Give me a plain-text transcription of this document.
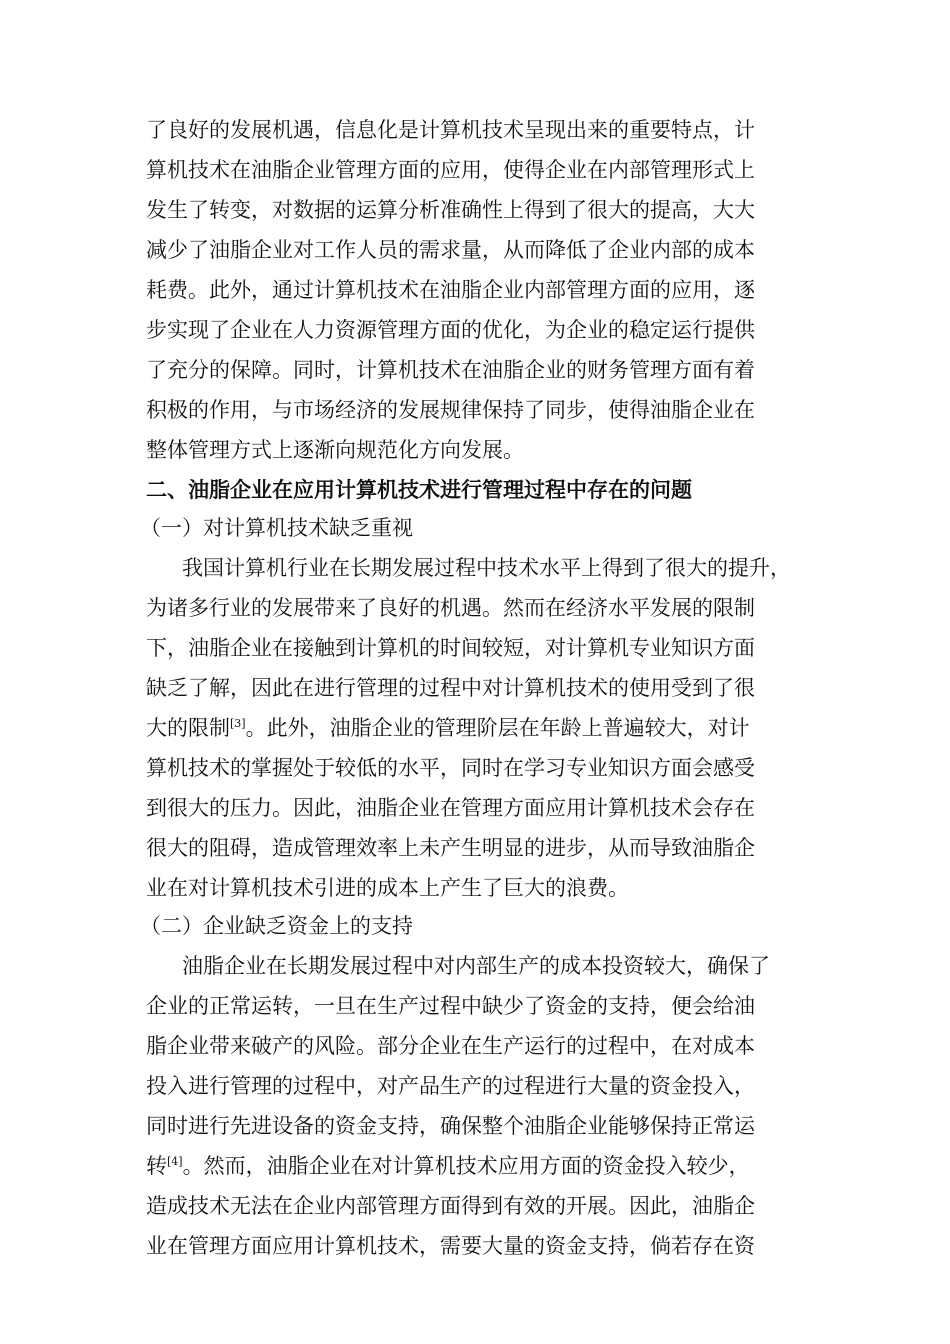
了良好的发展机遇，信息化是计算机技术呈现出来的重要特点，计
算机技术在油脂企业管理方面的应用，使得企业在内部管理形式上
发生了转变，对数据的运算分析准确性上得到了很大的提高，大大
减少了油脂企业对工作人员的需求量，从而降低了企业内部的成本
耗费。此外，通过计算机技术在油脂企业内部管理方面的应用，逐
步实现了企业在人力资源管理方面的优化，为企业的稳定运行提供
了充分的保障。同时，计算机技术在油脂企业的财务管理方面有着
积极的作用，与市场经济的发展规律保持了同步，使得油脂企业在
整体管理方式上逐渐向规范化方向发展。
二、油脂企业在应用计算机技术进行管理过程中存在的问题
（一）对计算机技术缺乏重视
我国计算机行业在长期发展过程中技术水平上得到了很大的提升，
为诸多行业的发展带来了良好的机遇。然而在经济水平发展的限制
下，油脂企业在接触到计算机的时间较短，对计算机专业知识方面
缺乏了解，因此在进行管理的过程中对计算机技术的使用受到了很
大的限制[3]。此外，油脂企业的管理阶层在年龄上普遍较大，对计
算机技术的掌握处于较低的水平，同时在学习专业知识方面会感受
到很大的压力。因此，油脂企业在管理方面应用计算机技术会存在
很大的阻碍，造成管理效率上未产生明显的进步，从而导致油脂企
业在对计算机技术引进的成本上产生了巨大的浪费。
（二）企业缺乏资金上的支持
油脂企业在长期发展过程中对内部生产的成本投资较大，确保了
企业的正常运转，一旦在生产过程中缺少了资金的支持，便会给油
脂企业带来破产的风险。部分企业在生产运行的过程中，在对成本
投入进行管理的过程中，对产品生产的过程进行大量的资金投入，
同时进行先进设备的资金支持，确保整个油脂企业能够保持正常运
转[4]。然而，油脂企业在对计算机技术应用方面的资金投入较少，
造成技术无法在企业内部管理方面得到有效的开展。因此，油脂企
业在管理方面应用计算机技术，需要大量的资金支持，倘若存在资
